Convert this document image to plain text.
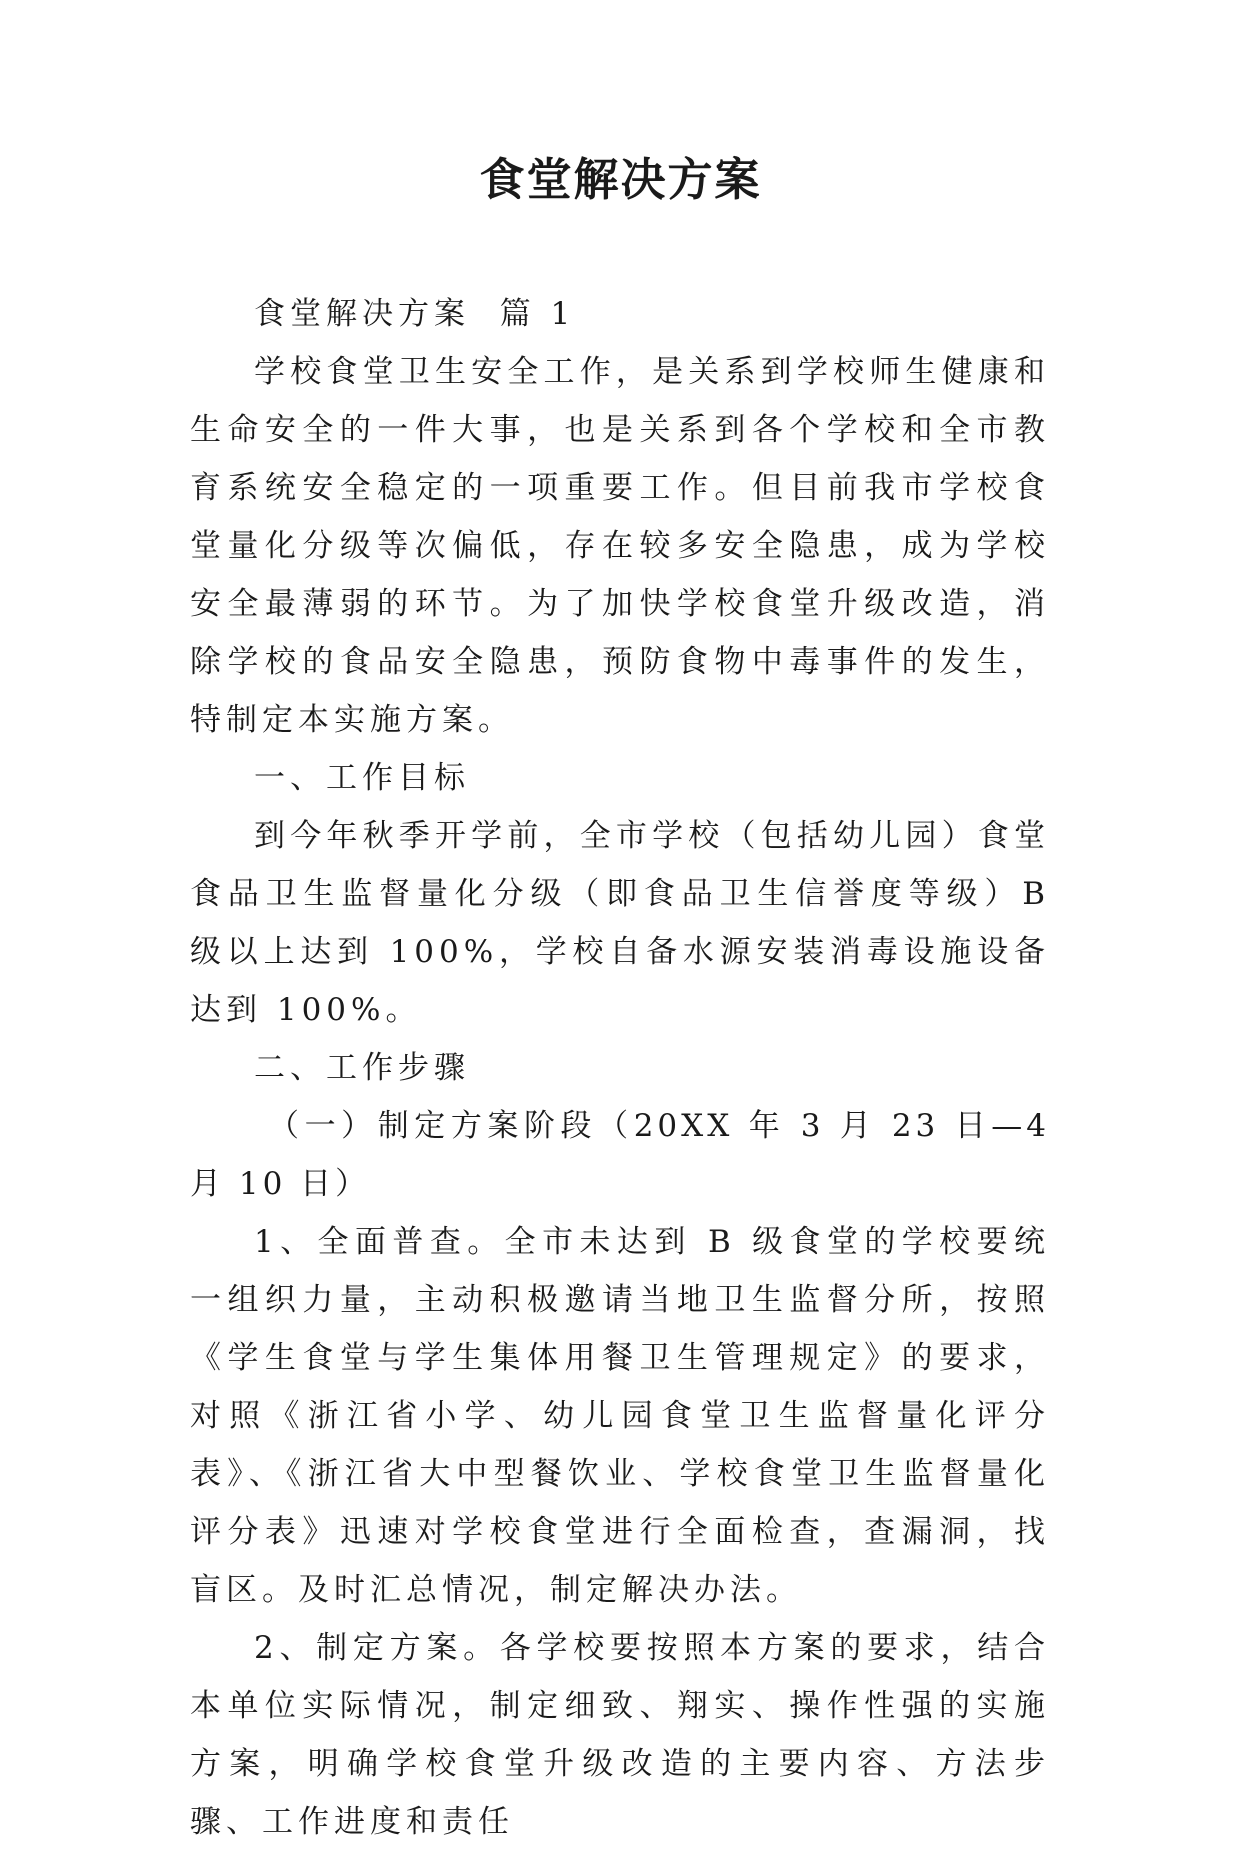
食堂解决方案

食堂解决方案  篇 1

学校食堂卫生安全工作，是关系到学校师生健康和生命安全的一件大事，也是关系到各个学校和全市教育系统安全稳定的一项重要工作。但目前我市学校食堂量化分级等次偏低，存在较多安全隐患，成为学校安全最薄弱的环节。为了加快学校食堂升级改造，消除学校的食品安全隐患，预防食物中毒事件的发生，特制定本实施方案。

一、工作目标

到今年秋季开学前，全市学校（包括幼儿园）食堂食品卫生监督量化分级（即食品卫生信誉度等级）B 级以上达到 100%，学校自备水源安装消毒设施设备达到 100%。

二、工作步骤

（一）制定方案阶段（20XX 年 3 月 23 日—4 月 10 日）

1、全面普查。全市未达到 B 级食堂的学校要统一组织力量，主动积极邀请当地卫生监督分所，按照《学生食堂与学生集体用餐卫生管理规定》的要求，对照《浙江省小学、幼儿园食堂卫生监督量化评分表》、《浙江省大中型餐饮业、学校食堂卫生监督量化评分表》迅速对学校食堂进行全面检查，查漏洞，找盲区。及时汇总情况，制定解决办法。

2、制定方案。各学校要按照本方案的要求，结合本单位实际情况，制定细致、翔实、操作性强的实施方案，明确学校食堂升级改造的主要内容、方法步骤、工作进度和责任
